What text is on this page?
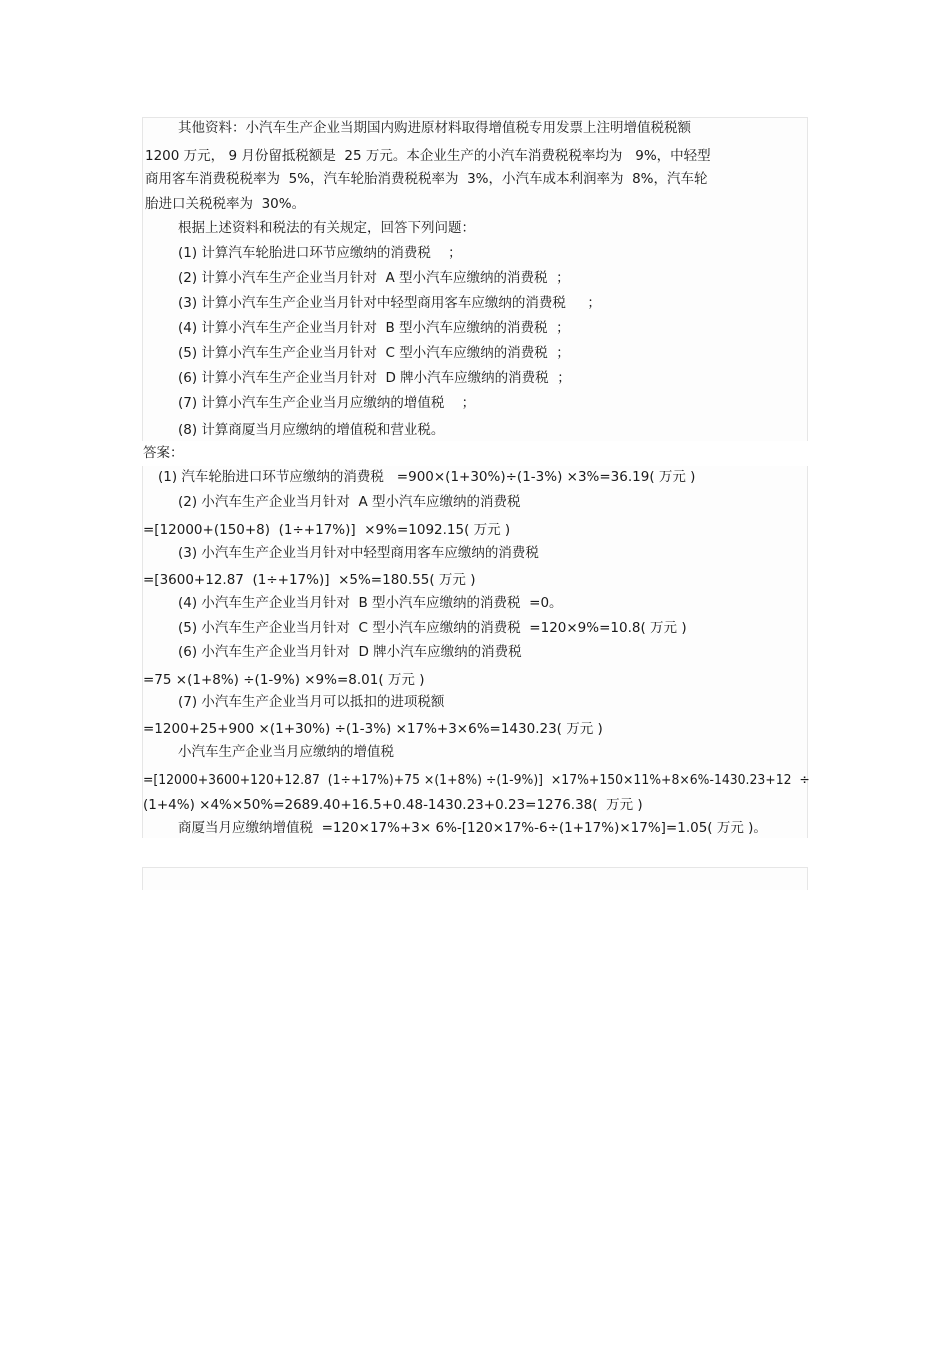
其他资料：小汽车生产企业当期国内购进原材料取得增值税专用发票上注明增值税税额
1200 万元， 9 月份留抵税额是  25 万元。本企业生产的小汽车消费税税率均为   9%，中轻型
商用客车消费税税率为  5%，汽车轮胎消费税税率为  3%，小汽车成本利润率为  8%，汽车轮
胎进口关税税率为  30%。
根据上述资料和税法的有关规定，回答下列问题：
(1) 计算汽车轮胎进口环节应缴纳的消费税    ；
(2) 计算小汽车生产企业当月针对  A 型小汽车应缴纳的消费税  ；
(3) 计算小汽车生产企业当月针对中轻型商用客车应缴纳的消费税     ；
(4) 计算小汽车生产企业当月针对  B 型小汽车应缴纳的消费税  ；
(5) 计算小汽车生产企业当月针对  C 型小汽车应缴纳的消费税  ；
(6) 计算小汽车生产企业当月针对  D 牌小汽车应缴纳的消费税  ；
(7) 计算小汽车生产企业当月应缴纳的增值税    ；
(8) 计算商厦当月应缴纳的增值税和营业税。
答案：
(1) 汽车轮胎进口环节应缴纳的消费税   =900×(1+30%)÷(1-3%) ×3%=36.19( 万元 )
(2) 小汽车生产企业当月针对  A 型小汽车应缴纳的消费税
=[12000+(150+8)  (1÷+17%)]  ×9%=1092.15( 万元 )
(3) 小汽车生产企业当月针对中轻型商用客车应缴纳的消费税
=[3600+12.87  (1÷+17%)]  ×5%=180.55( 万元 )
(4) 小汽车生产企业当月针对  B 型小汽车应缴纳的消费税  =0。
(5) 小汽车生产企业当月针对  C 型小汽车应缴纳的消费税  =120×9%=10.8( 万元 )
(6) 小汽车生产企业当月针对  D 牌小汽车应缴纳的消费税
=75 ×(1+8%) ÷(1-9%) ×9%=8.01( 万元 )
(7) 小汽车生产企业当月可以抵扣的进项税额
=1200+25+900 ×(1+30%) ÷(1-3%) ×17%+3×6%=1430.23( 万元 )
小汽车生产企业当月应缴纳的增值税
=[12000+3600+120+12.87  (1÷+17%)+75 ×(1+8%) ÷(1-9%)]  ×17%+150×11%+8×6%-1430.23+12  ÷
(1+4%) ×4%×50%=2689.40+16.5+0.48-1430.23+0.23=1276.38(  万元 )
商厦当月应缴纳增值税  =120×17%+3× 6%-[120×17%-6÷(1+17%)×17%]=1.05( 万元 )。
